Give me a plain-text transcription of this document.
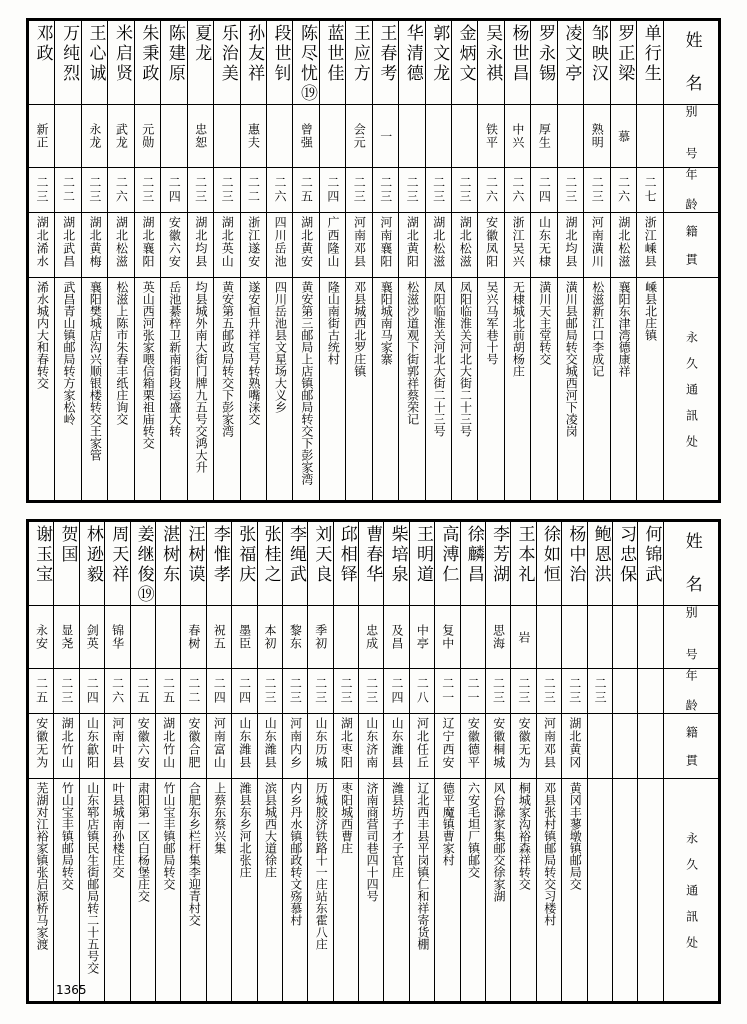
邓政	万纯烈	王心诚	米启贤	朱秉政	陈建原	夏龙	乐治美	孙友祥	段世钊	陈尽忧⑲	蓝世佳	王应方	王春考	华清德	郭文龙	金炳文	吴永祺	杨世昌	罗永锡	凌文亭	邹映汉	罗正梁	单行生	姓 名

新正		永龙	武龙	元勋		忠恕		惠夫		曾强		会元	一				铁平	中兴	厚生		熟明	慕		别 号

二三	二二	二三	二六	二三	二四	二三	二三	二二	二六	二五	二四	二三	二三	二三	二三	二三	二六	二六	二四	二三	二三	二六	二七	年 龄

湖北浠水	湖北武昌	湖北黄梅	湖北松滋	湖北襄阳	安徽六安	湖北均县	湖北英山	浙江遂安	四川岳池	湖北黄安	广西隆山	河南邓县	河南襄阳	湖北黄阳	湖北松滋	湖北松滋	安徽凤阳	浙江吴兴	山东无棣	湖北均县	河南潢川	湖北松滋	浙江嵊县	籍 貫

浠水城内大和春转交	武昌青山镇邮局转方家松岭	襄阳樊城店沟兴顺银楼转交王家管	松滋上陈市朱春丰纸庄询交	英山西河张家喂信箱栗祖庙转交	岳池綦梓卫新南街段运盛大转	均县城外南大街门牌九五号交鸿大升	黄安第五邮政局转交下彭家湾	遂安恒升祥宝号转熟嘴涞交	四川岳池县文星场大义乡	黄安第三邮局上店镇邮局转交下彭家湾	隆山南街古统村	邓县城西北罗庄镇	襄阳城南马家寨	松滋沙道观下街郭祥蔡荣记	凤阳临淮关河北大街二十三号	凤阳临淮关河北大街二十三号	吴兴马军巷十号	无棣城北前胡杨庄	潢川天主堂转交	潢川县邮局转交城西河下凌岗	松滋新江口李成记	襄阳东津湾德康祥	嵊县北庄镇	永 久 通 訊 处
谢玉宝	贺国	林逊毅	周天祥	姜继俊⑲	湛树东	汪树谟	李惟孝	张福庆	张桂之	李绳武	刘天良	邱相铎	曹春华	柴培泉	王明道	高溥仁	徐麟昌	李芳湖	王本礼	徐如恒	杨中治	鲍恩洪	习忠保	何锦武	姓 名

永安	显尧	剑英	锦华			春树	祝五	墨臣	本初	黎东	季初		忠成	及昌	中亭	复中		思海	岩						别 号

二五	二三	二四	二六	二五	二五	二二	二四	二四	二三	二三	二三	二三	二三	二四	二八	二一	二一	二三	二三	二三	二三	二三			年 龄

安徽无为	湖北竹山	山东歙阳	河南叶县	安徽六安	湖北竹山	安徽合肥	河南富山	山东潍县	山东潍县	河南内乡	山东历城	湖北枣阳	山东济南	山东潍县	河北任丘	辽宁西安	安徽德平	安徽桐城	安徽无为	河南邓县	湖北黄冈				籍 貫

芜湖对江裕家镇张启源桥马家渡	竹山宝丰镇邮局转交	山东郓店镇民生街邮局转二十五号交	叶县城南孙楼庄交	肃阳第一区白杨堡庄交	竹山宝丰镇邮局转交	合肥东乡栏杆集李迎青村交	上蔡东蔡兴集	潍县东乡河北张庄	滨县城西大道徐庄	内乡丹水镇邮政转文殇慕村	历城胶济铁路十一庄站东霍八庄	枣阳城西曹庄	济南商营司巷四十四号	潍县坊子才子官庄	辽北西丰县平岗镇仁和祥寄货棚	德平魔镇曹家村	六安毛坦厂镇邮交	风台滁家集邮交徐家湖	桐城家沟裕森祥转交	邓县张村镇邮局转交习楼村	黄冈丰蓼墩镇邮局交				永 久 通 訊 处
1365
